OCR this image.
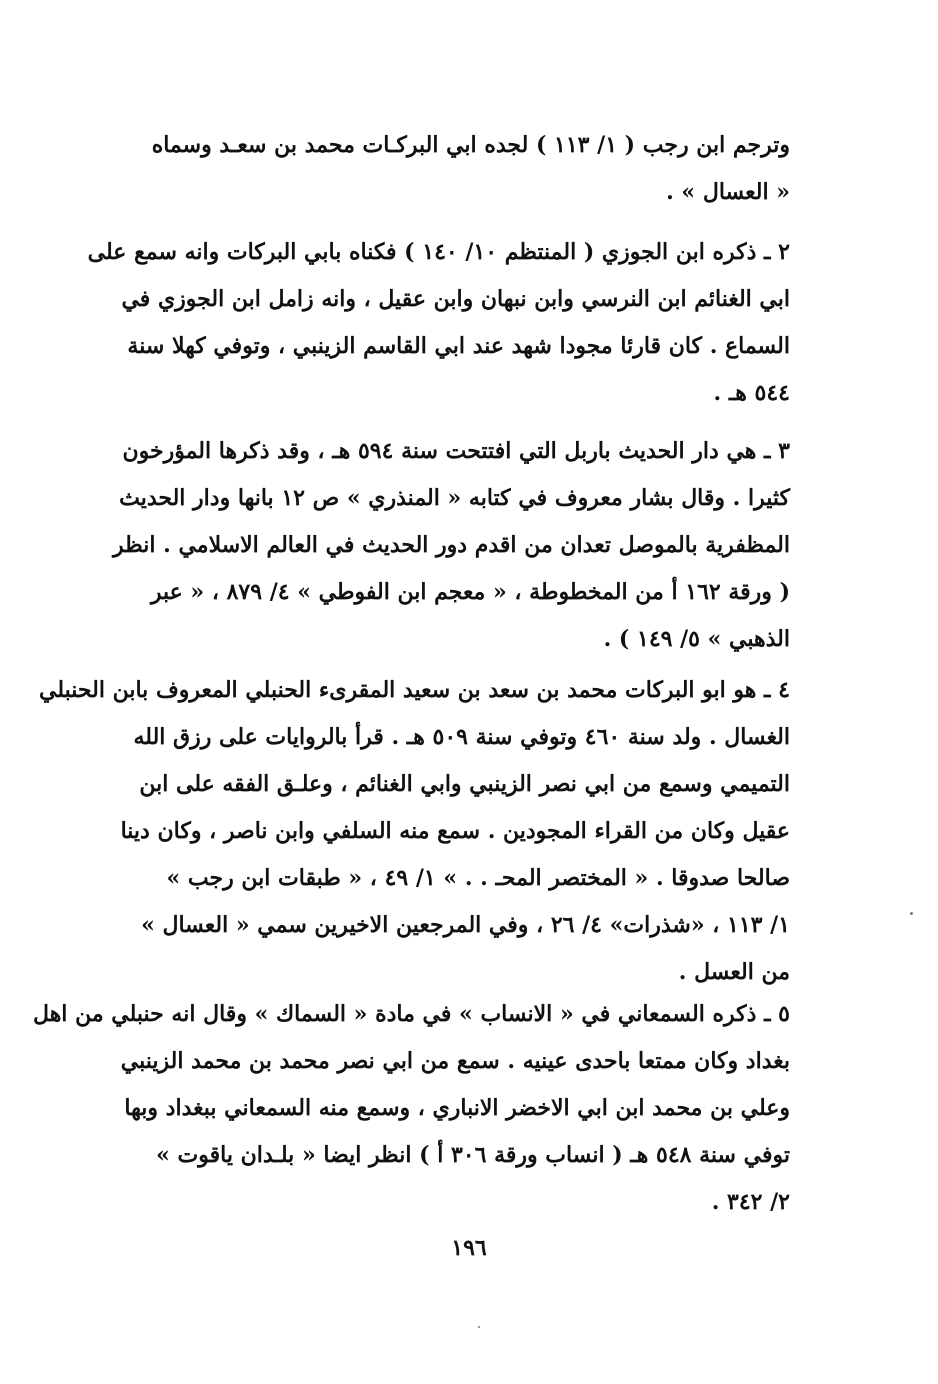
وترجم ابن رجب ( ١/ ١١٣ ) لجده ابي البركـات محمد بن سعـد وسماه
« العسال » .
٢ ـ ذكره ابن الجوزي ( المنتظم ١٠/ ١٤٠ ) فكناه بابي البركات وانه سمع على
ابي الغنائم ابن النرسي وابن نبهان وابن عقيل ، وانه زامل ابن الجوزي في
السماع . كان قارئا مجودا شهد عند ابي القاسم الزينبي ، وتوفي كهلا سنة
٥٤٤ هـ .
٣ ـ هي دار الحديث باربل التي افتتحت سنة ٥٩٤ هـ ، وقد ذكرها المؤرخون
كثيرا . وقال بشار معروف في كتابه « المنذري » ص ١٢ بانها ودار الحديث
المظفرية بالموصل تعدان من اقدم دور الحديث في العالم الاسلامي . انظر
( ورقة ١٦٢ أ من المخطوطة ، « معجم ابن الفوطي » ٤/ ٨٧٩ ، « عبر
الذهبي » ٥/ ١٤٩ ) .
٤ ـ هو ابو البركات محمد بن سعد بن سعيد المقرىء الحنبلي المعروف بابن الحنبلي
الغسال . ولد سنة ٤٦٠ وتوفي سنة ٥٠٩ هـ . قرأ بالروايات على رزق الله
التميمي وسمع من ابي نصر الزينبي وابي الغنائم ، وعلـق الفقه على ابن
عقيل وكان من القراء المجودين . سمع منه السلفي وابن ناصر ، وكان دينا
صالحا صدوقا . « المختصر المحـ . . » ١/ ٤٩ ، « طبقات ابن رجب »
١/ ١١٣ ، «شذرات» ٤/ ٢٦ ، وفي المرجعين الاخيرين سمي « العسال »
من العسل .
٥ ـ ذكره السمعاني في « الانساب » في مادة « السماك » وقال انه حنبلي من اهل
بغداد وكان ممتعا باحدى عينيه . سمع من ابي نصر محمد بن محمد الزينبي
وعلي بن محمد ابن ابي الاخضر الانباري ، وسمع منه السمعاني ببغداد وبها
توفي سنة ٥٤٨ هـ ( انساب ورقة ٣٠٦ أ ) انظر ايضا « بلـدان ياقوت »
٢/ ٣٤٢ .
١٩٦
